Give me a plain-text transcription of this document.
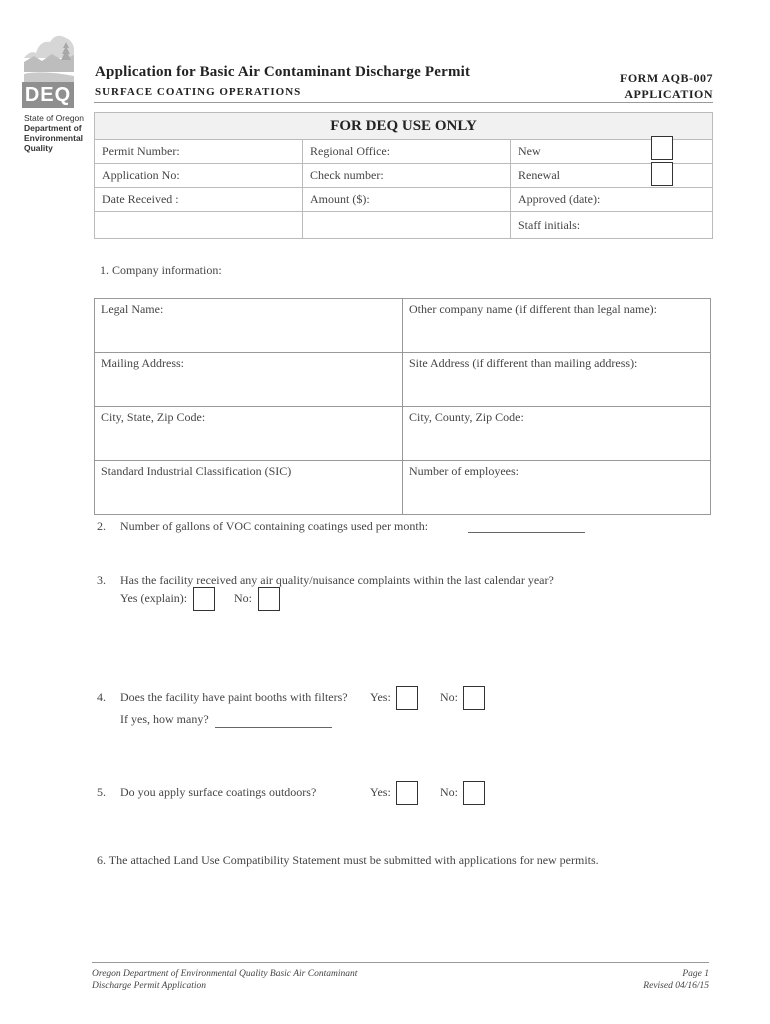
DEQ
State of Oregon
Department of
Environmental
Quality
Application for Basic Air Contaminant Discharge Permit
SURFACE COATING OPERATIONS
FORM AQB-007
APPLICATION
FOR DEQ USE ONLY		
Permit Number:	Regional Office:	New
Application No:	Check number:	Renewal
Date Received :	Amount ($):	Approved (date):
		Staff initials:
1. Company information:
Legal Name:	Other company name (if different than legal name):
Mailing Address:	Site Address (if different than mailing address):
City, State, Zip Code:	City, County, Zip Code:
Standard Industrial Classification (SIC)	Number of employees:
2. Number of gallons of VOC containing coatings used per month:
3. Has the facility received any air quality/nuisance complaints within the last calendar year?
Yes (explain):	No:
4. Does the facility have paint booths with filters? Yes:	No:
If yes, how many?
5. Do you apply surface coatings outdoors?	Yes:	No:
6. The attached Land Use Compatibility Statement must be submitted with applications for new permits.
Oregon Department of Environmental Quality Basic Air Contaminant
Discharge Permit Application
Page 1
Revised 04/16/15
